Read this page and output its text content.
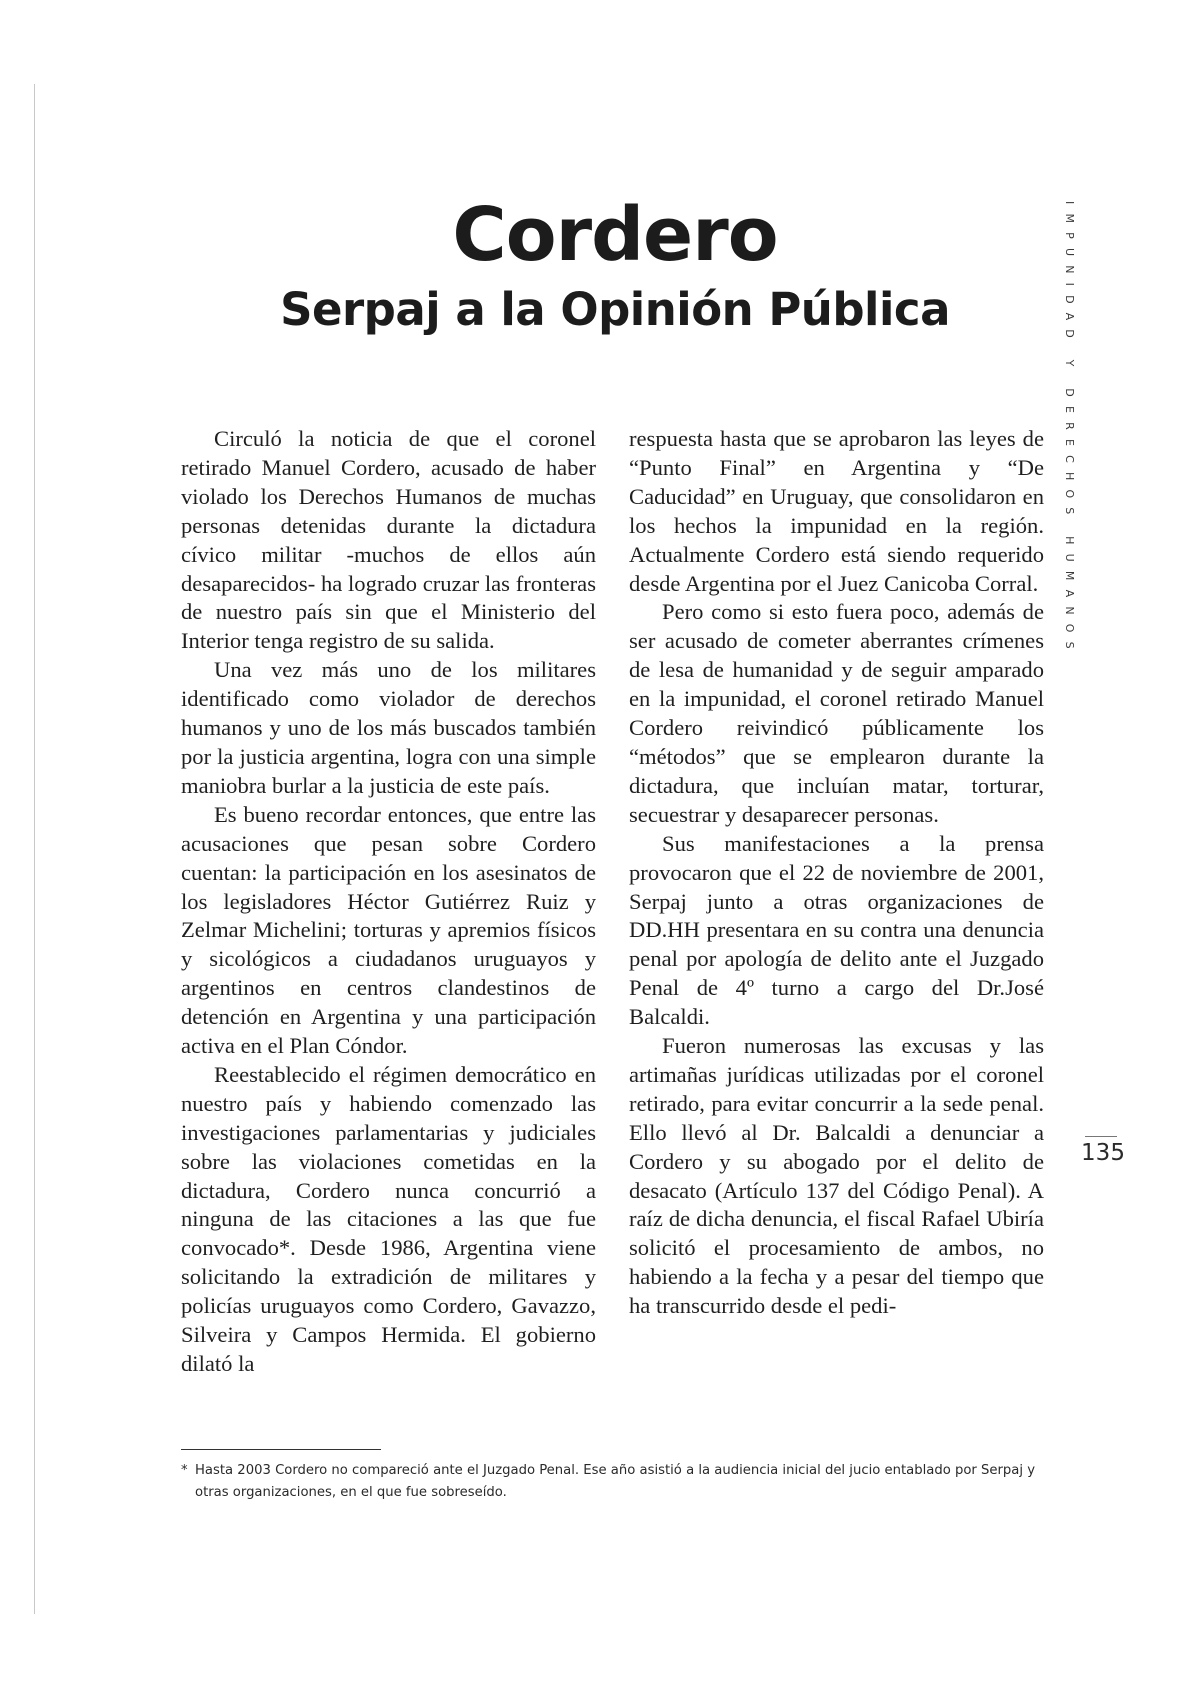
Cordero
Serpaj a la Opinión Pública

Circuló la noticia de que el coronel retirado Manuel Cordero, acusado de haber violado los Derechos Humanos de muchas personas detenidas durante la dictadura cívico militar -muchos de ellos aún desaparecidos- ha logrado cruzar las fronteras de nuestro país sin que el Ministerio del Interior tenga registro de su salida.

Una vez más uno de los militares identificado como violador de derechos humanos y uno de los más buscados también por la justicia argentina, logra con una simple maniobra burlar a la justicia de este país.

Es bueno recordar entonces, que entre las acusaciones que pesan sobre Cordero cuentan: la participación en los asesinatos de los legisladores Héctor Gutiérrez Ruiz y Zelmar Michelini; torturas y apremios físicos y sicológicos a ciudadanos uruguayos y argentinos en centros clandestinos de detención en Argentina y una participación activa en el Plan Cóndor.

Reestablecido el régimen democrático en nuestro país y habiendo comenzado las investigaciones parlamentarias y judiciales sobre las violaciones cometidas en la dictadura, Cordero nunca concurrió a ninguna de las citaciones a las que fue convocado*. Desde 1986, Argentina viene solicitando la extradición de militares y policías uruguayos como Cordero, Gavazzo, Silveira y Campos Hermida. El gobierno dilató la

respuesta hasta que se aprobaron las leyes de “Punto Final” en Argentina y “De Caducidad” en Uruguay, que consolidaron en los hechos la impunidad en la región. Actualmente Cordero está siendo requerido desde Argentina por el Juez Canicoba Corral.

Pero como si esto fuera poco, además de ser acusado de cometer aberrantes crímenes de lesa de humanidad y de seguir amparado en la impunidad, el coronel retirado Manuel Cordero reivindicó públicamente los “métodos” que se emplearon durante la dictadura, que incluían matar, torturar, secuestrar y desaparecer personas.

Sus manifestaciones a la prensa provocaron que el 22 de noviembre de 2001, Serpaj junto a otras organizaciones de DD.HH presentara en su contra una denuncia penal por apología de delito ante el Juzgado Penal de 4º turno a cargo del Dr.José Balcaldi.

Fueron numerosas las excusas y las artimañas jurídicas utilizadas por el coronel retirado, para evitar concurrir a la sede penal. Ello llevó al Dr. Balcaldi a denunciar a Cordero y su abogado por el delito de desacato (Artículo 137 del Código Penal). A raíz de dicha denuncia, el fiscal Rafael Ubiría solicitó el procesamiento de ambos, no habiendo a la fecha y a pesar del tiempo que ha transcurrido desde el pedi-

IMPUNIDAD Y DERECHOS HUMANOS
135
* Hasta 2003 Cordero no compareció ante el Juzgado Penal. Ese año asistió a la audiencia inicial del jucio entablado por Serpaj y otras organizaciones, en el que fue sobreseído.
